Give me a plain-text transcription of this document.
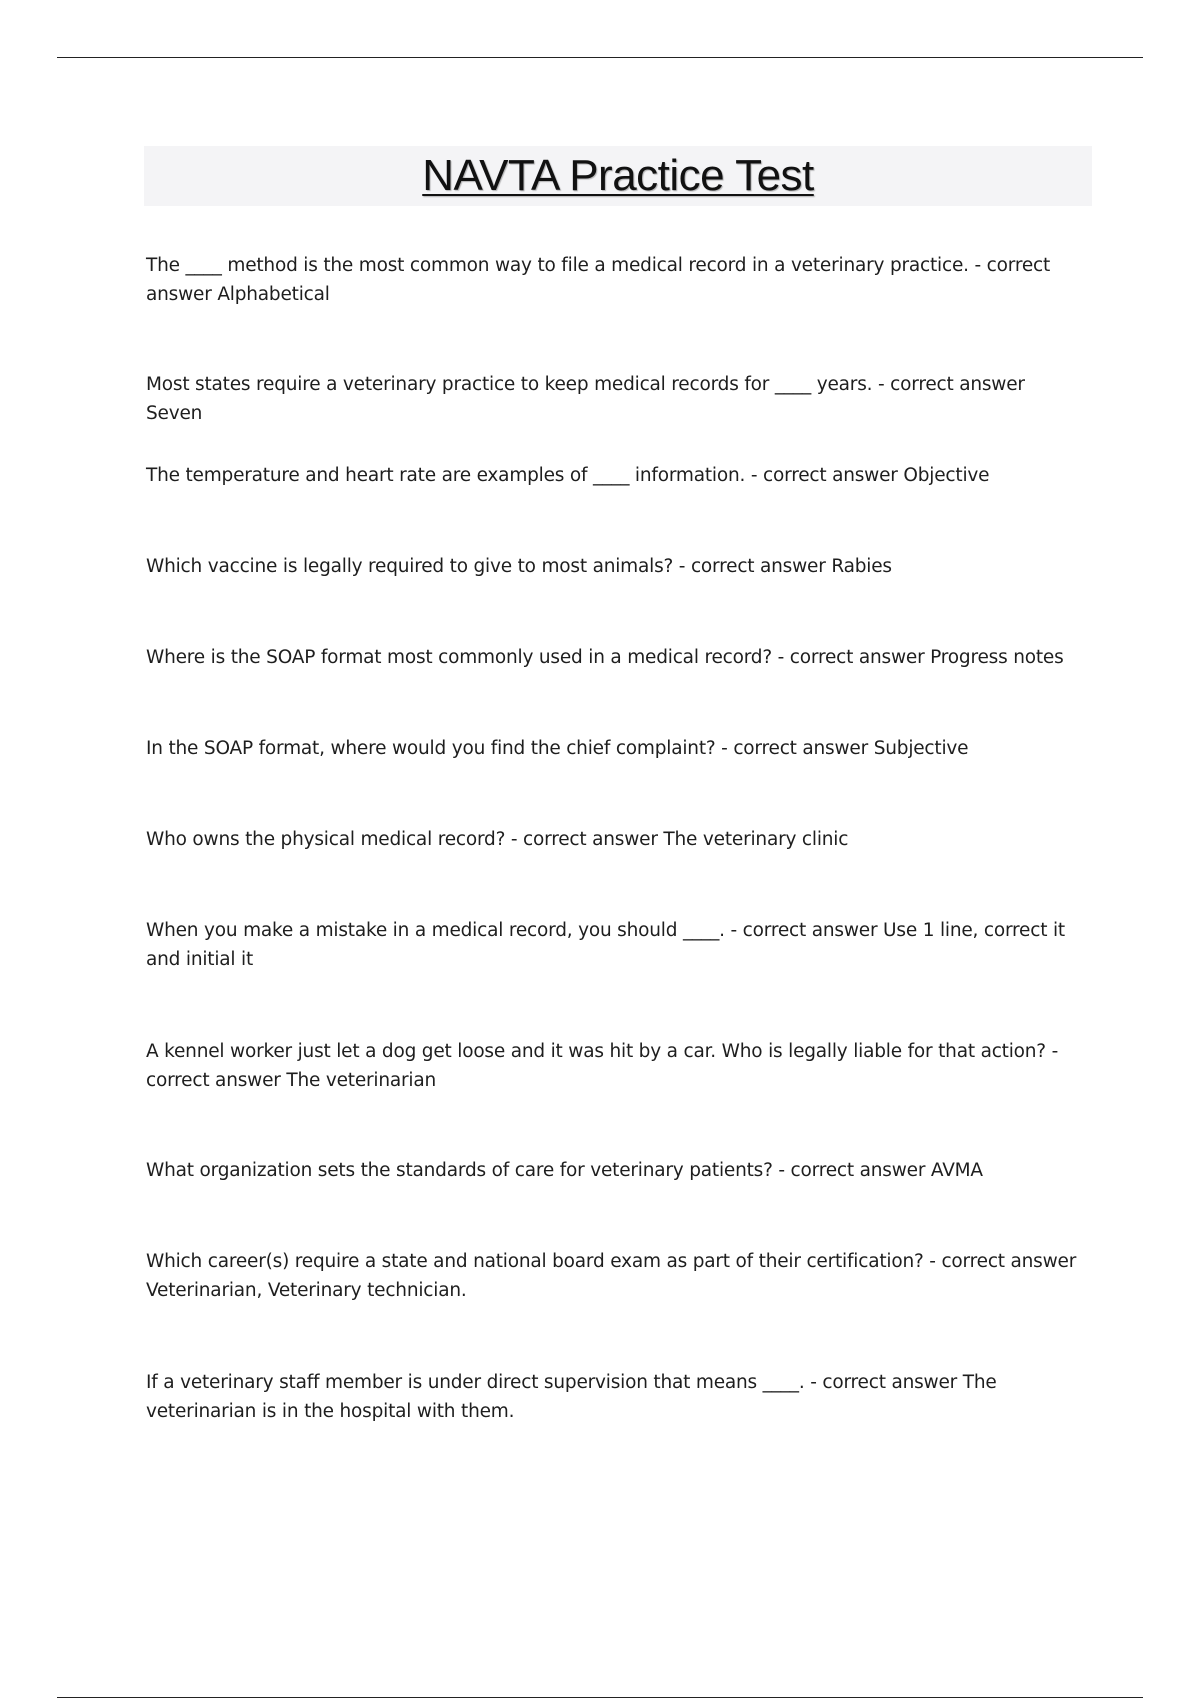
NAVTA Practice Test
The ____ method is the most common way to file a medical record in a veterinary practice. - correct answer Alphabetical
Most states require a veterinary practice to keep medical records for ____ years. - correct answer Seven
The temperature and heart rate are examples of ____ information. - correct answer Objective
Which vaccine is legally required to give to most animals? - correct answer Rabies
Where is the SOAP format most commonly used in a medical record? - correct answer Progress notes
In the SOAP format, where would you find the chief complaint? - correct answer Subjective
Who owns the physical medical record? - correct answer The veterinary clinic
When you make a mistake in a medical record, you should ____. - correct answer Use 1 line, correct it and initial it
A kennel worker just let a dog get loose and it was hit by a car. Who is legally liable for that action? - correct answer The veterinarian
What organization sets the standards of care for veterinary patients? - correct answer AVMA
Which career(s) require a state and national board exam as part of their certification? - correct answer Veterinarian, Veterinary technician.
If a veterinary staff member is under direct supervision that means ____. - correct answer The veterinarian is in the hospital with them.
